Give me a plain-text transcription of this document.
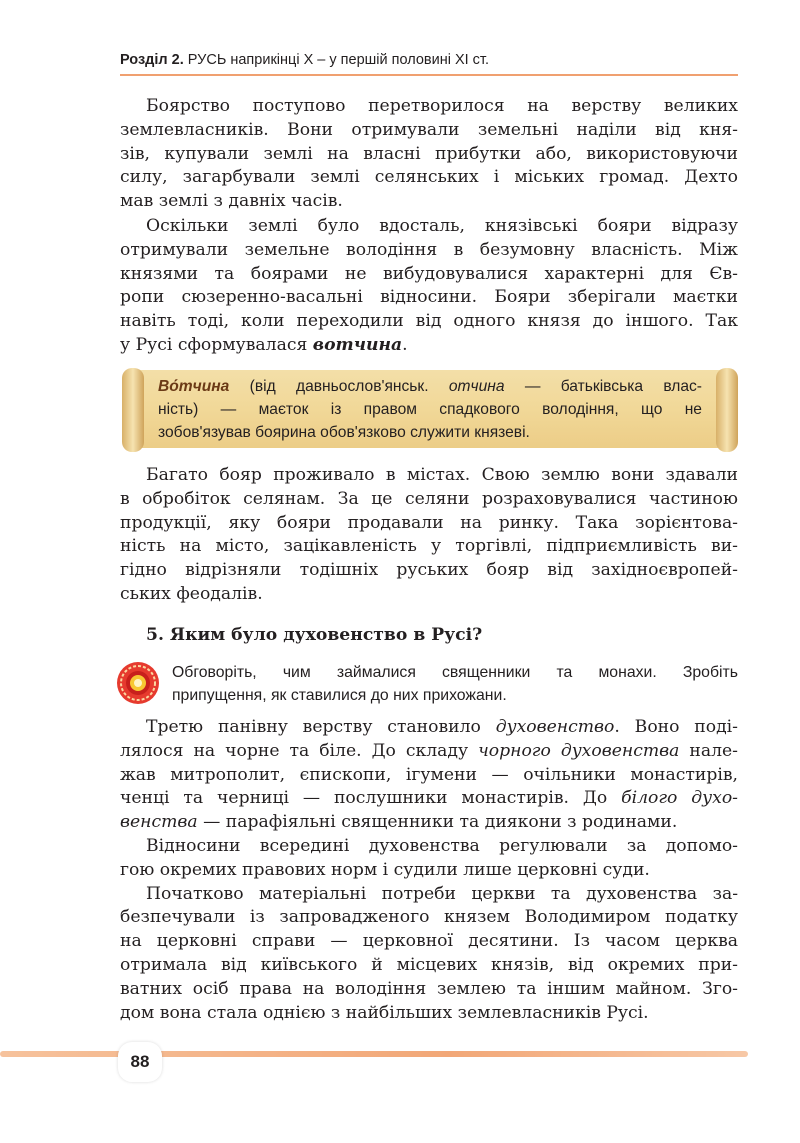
Розділ 2. РУСЬ наприкінці X – у першій половині XI ст.
Боярство поступово перетворилося на верству великих
землевласників. Вони отримували земельні наділи від кня-
зів, купували землі на власні прибутки або, використовуючи
силу, загарбували землі селянських і міських громад. Дехто
мав землі з давніх часів.
Оскільки землі було вдосталь, князівські бояри відразу
отримували земельне володіння в безумовну власність. Між
князями та боярами не вибудовувалися характерні для Єв-
ропи сюзеренно-васальні відносини. Бояри зберігали маєтки
навіть тоді, коли переходили від одного князя до іншого. Так
у Русі сформувалася вотчина.
Во́тчина (від давньослов'янськ. отчина — батьківська влас-
ність) — маєток із правом спадкового володіння, що не
зобов'язував боярина обов'язково служити князеві.
Багато бояр проживало в містах. Свою землю вони здавали
в обробіток селянам. За це селяни розраховувалися частиною
продукції, яку бояри продавали на ринку. Така зорієнтова-
ність на місто, зацікавленість у торгівлі, підприємливість ви-
гідно відрізняли тодішніх руських бояр від західноєвропей-
ських феодалів.
5. Яким було духовенство в Русі?
Обговоріть, чим займалися священники та монахи. Зробіть
припущення, як ставилися до них прихожани.
Третю панівну верству становило духовенство. Воно поді-
лялося на чорне та біле. До складу чорного духовенства нале-
жав митрополит, єпископи, ігумени — очільники монастирів,
ченці та черниці — послушники монастирів. До білого духо-
венства — парафіяльні священники та диякони з родинами.
Відносини всередині духовенства регулювали за допомо-
гою окремих правових норм і судили лише церковні суди.
Початково матеріальні потреби церкви та духовенства за-
безпечували із запровадженого князем Володимиром податку
на церковні справи — церковної десятини. Із часом церква
отримала від київського й місцевих князів, від окремих при-
ватних осіб права на володіння землею та іншим майном. Зго-
дом вона стала однією з найбільших землевласників Русі.
88
